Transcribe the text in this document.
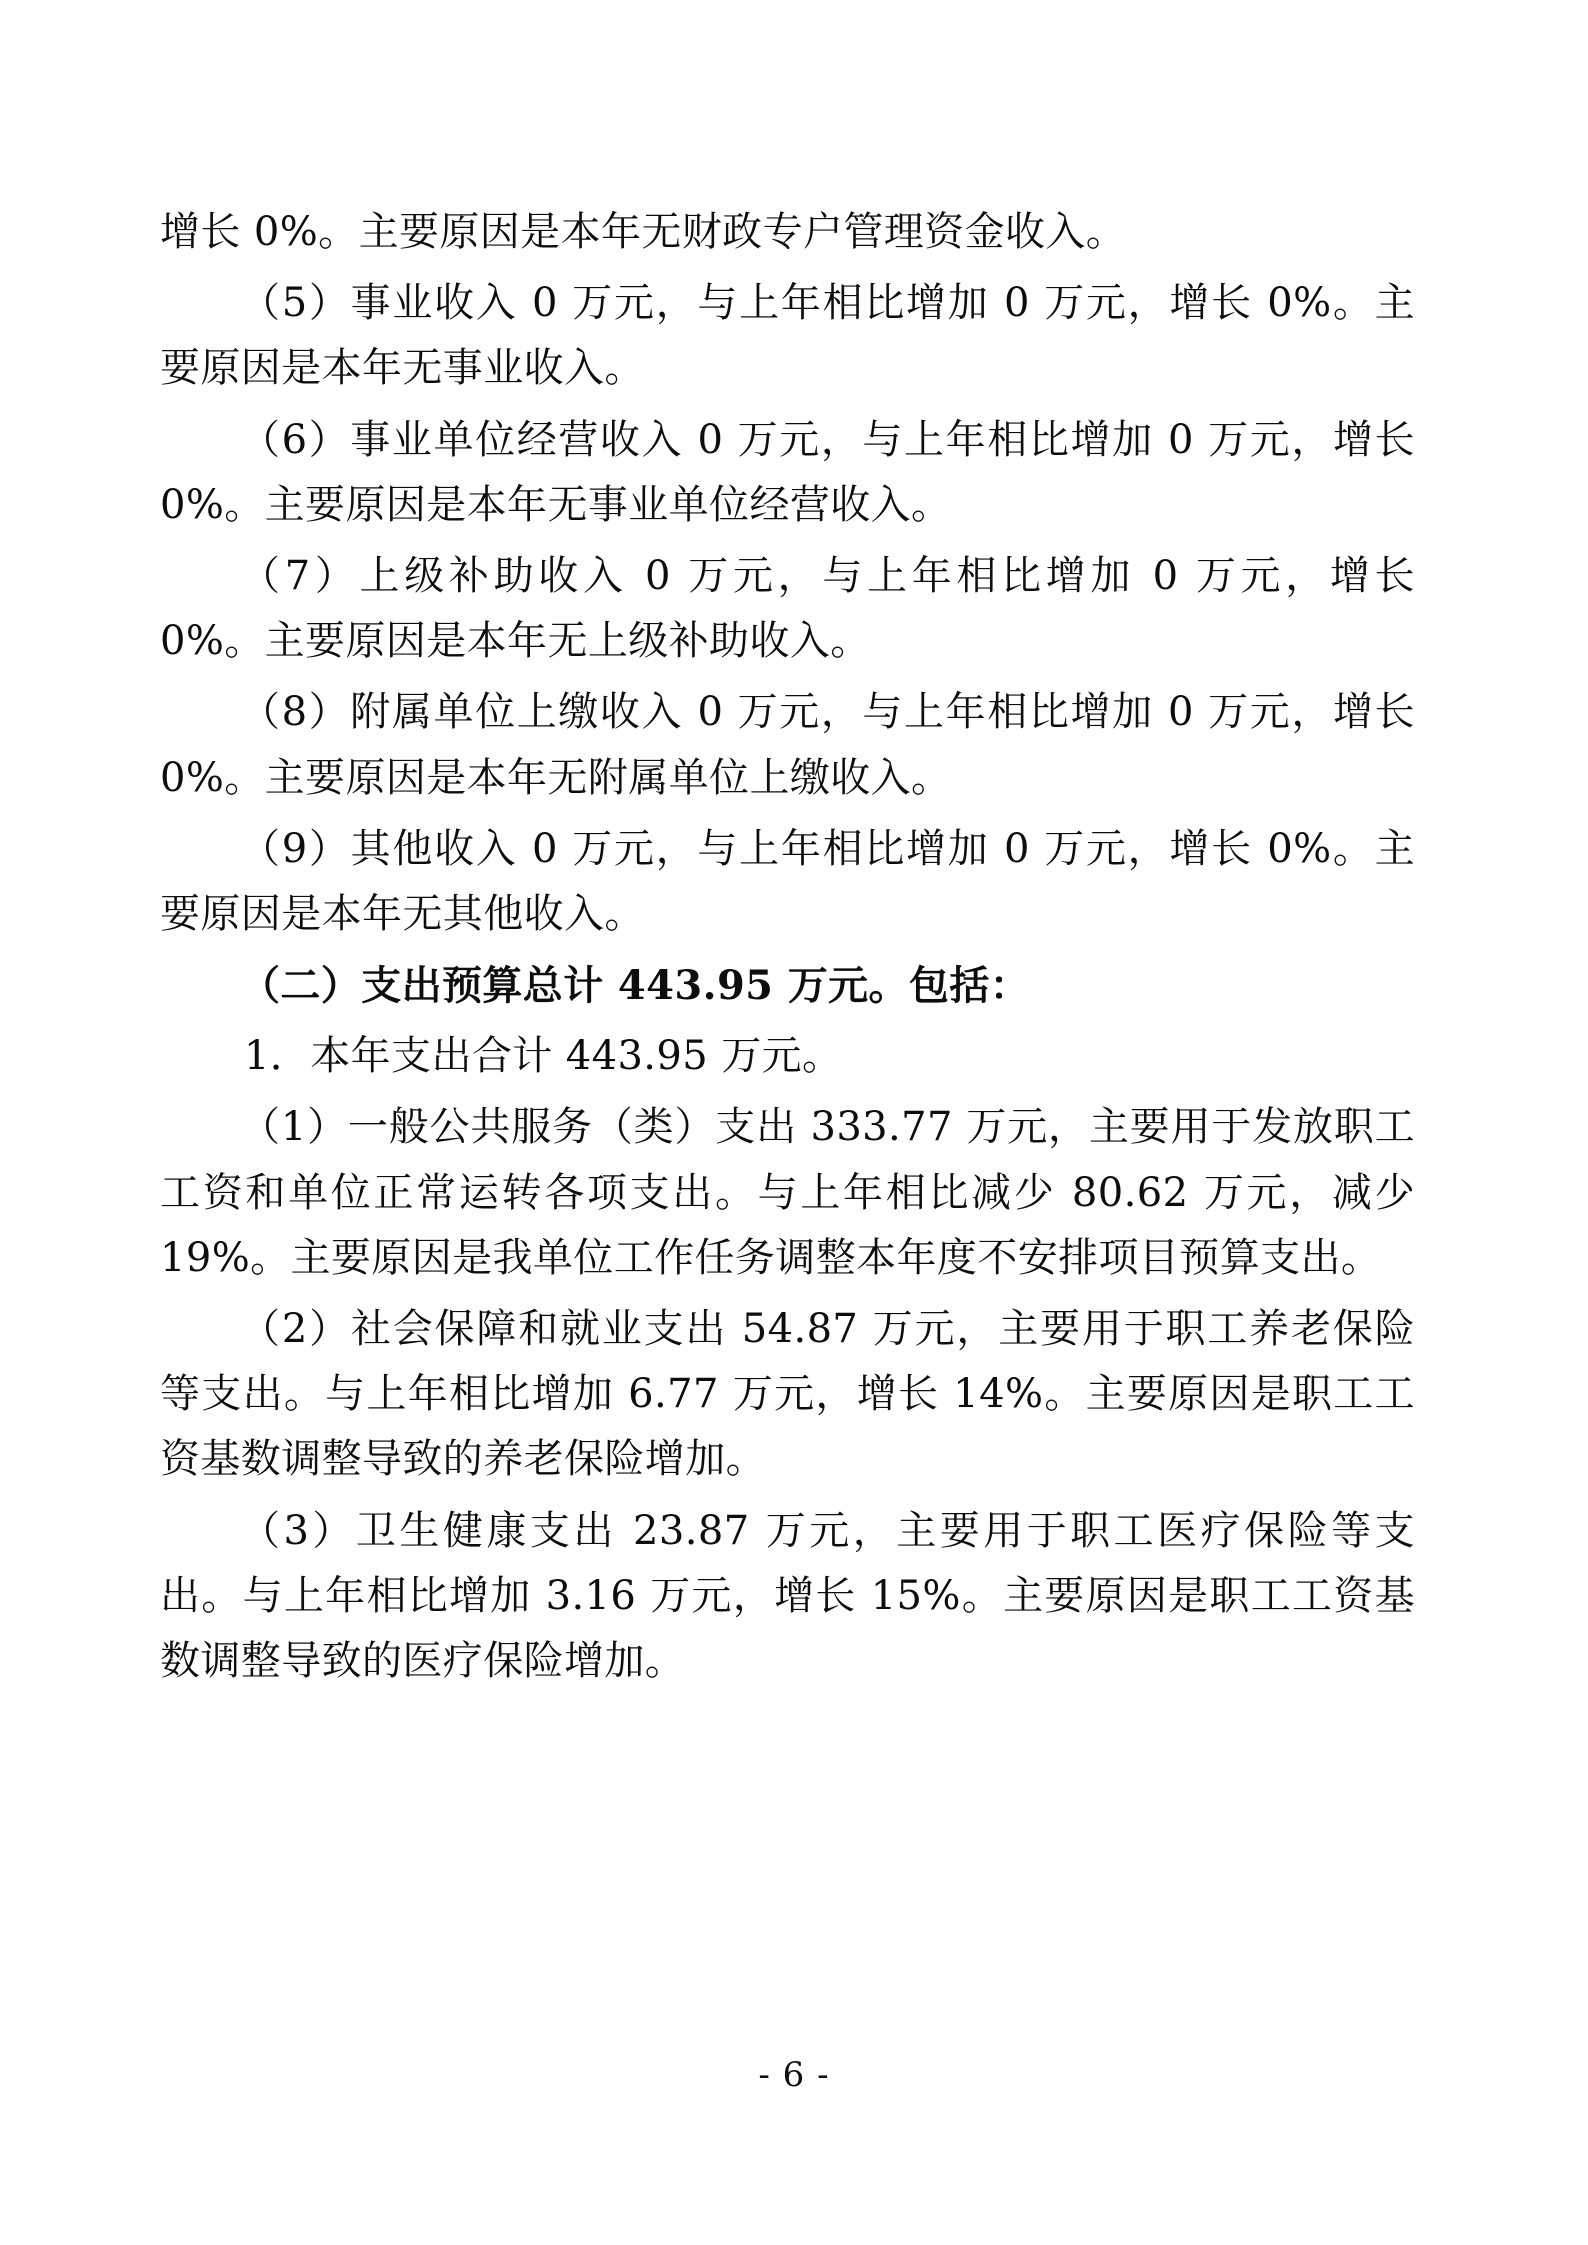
增长 0%。主要原因是本年无财政专户管理资金收入。

（5）事业收入 0 万元，与上年相比增加 0 万元，增长 0%。主要原因是本年无事业收入。

（6）事业单位经营收入 0 万元，与上年相比增加 0 万元，增长 0%。主要原因是本年无事业单位经营收入。

（7）上级补助收入 0 万元，与上年相比增加 0 万元，增长 0%。主要原因是本年无上级补助收入。

（8）附属单位上缴收入 0 万元，与上年相比增加 0 万元，增长 0%。主要原因是本年无附属单位上缴收入。

（9）其他收入 0 万元，与上年相比增加 0 万元，增长 0%。主要原因是本年无其他收入。

（二）支出预算总计 443.95 万元。包括：

1．本年支出合计 443.95 万元。

（1）一般公共服务（类）支出 333.77 万元，主要用于发放职工工资和单位正常运转各项支出。与上年相比减少 80.62 万元，减少 19%。主要原因是我单位工作任务调整本年度不安排项目预算支出。

（2）社会保障和就业支出 54.87 万元，主要用于职工养老保险等支出。与上年相比增加 6.77 万元，增长 14%。主要原因是职工工资基数调整导致的养老保险增加。

（3）卫生健康支出 23.87 万元，主要用于职工医疗保险等支出。与上年相比增加 3.16 万元，增长 15%。主要原因是职工工资基数调整导致的医疗保险增加。

- 6 -
